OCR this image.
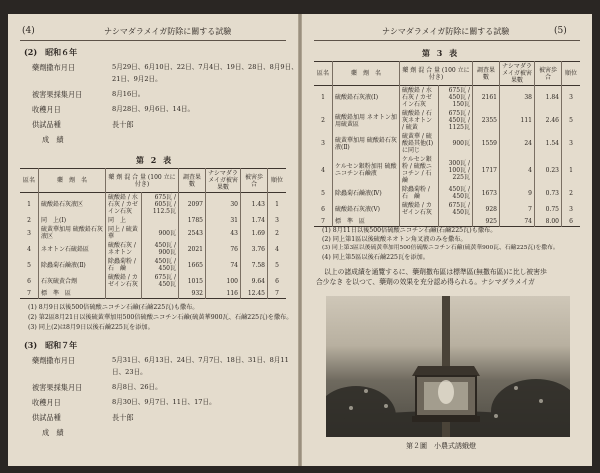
(4)	ナシマダラメイガ防除に關する試驗
(2)　昭和６年
藥劑撒布月日	5月29日、6月10日、22日、7月4日、19日、28日、8月9日、
21日、9月2日。
被害果採集月日	8月16日。
收穫月日	8月28日、9月6日、14日。
供試品種	長十郎
成　績
第 2 表
區名	藥　劑　名	藥 劑 混 合 量 (100 立に付き)		調査果數	ナシマダラメイガ被害果數	被害歩合	順位
1	硫酸鉛石灰液区	硫酸鉛 / 水石灰 / カゼイン石灰	675瓦 / 605瓦 / 112.5瓦	2097	30	1.43	1
2	同　上(Ⅰ)	同　上		1785	31	1.74	3
3	硫黃華加用 硫酸鉛石灰液区	同上 / 硫黃華	900瓦	2543	43	1.69	2
4	ネオトン石硫鉛區	硫酸石灰 / ネオトン	450瓦 / 900瓦	2021	76	3.76	4
5	除蟲菊石鹼液(Ⅱ)	除蟲菊粉 / 石　鹼	450瓦 / 450瓦	1665	74	7.58	5
6	石灰硫黄合劑	硫酸鉛 / カゼイン石灰	675瓦 / 450瓦	1015	100	9.64	6
7	標　準　區			932	116	12.45	7
(1) 8月9日以後500倍硫酸ニコチン石鹼(石鹼225瓦)も撒布。
(2) 第2區8月21日以後硫黃華加用500倍硫酸ニコチン石鹼(硫黃華900瓦、石鹼225瓦)を撒布。
(3) 同上(2)は8月9日以後石鹼225瓦を添加。
(3)　昭和７年
藥劑撒布月日	5月31日、6月13日、24日、7月7日、18日、31日、8月11
日、23日。
被害果採集月日	8月8日、26日。
收穫月日	8月30日、9月7日、11日、17日。
供試品種	長十郎
成　績
ナシマダラメイガ防除に關する試驗	(5)
第 3 表
區名	藥　劑　名	藥 劑 混 合 量 (100 立に付き)		調査果數	ナシマダラメイガ被害果數	被害歩合	順位
1	硫酸鉛石灰液(Ⅰ)	硫酸鉛 / 水石灰 / カゼイン石灰	675瓦 / 450瓦 / 150瓦	2161	38	1.84	3
2	硫酸鉛加用 ネオトン加用硫黃區	硫酸鉛 / 石灰ネオトン / 硫黃	675瓦 / 450瓦 / 1125瓦	2355	111	2.46	5
3	硫黃華加用 硫酸鉛石灰液(Ⅱ)	硫黃華 / 硫酸鉛其他(Ⅰ)に同じ	900瓦	1559	24	1.54	3
4	ケルセン銀粉加用 硫酸ニコチン石鹼液	ケルセン銀粉 / 硫酸ニコチン / 石鹼	300瓦 / 100瓦 / 225瓦	1717	4	0.23	1
5	除蟲菊石鹼液(Ⅳ)	除蟲菊粉 / 石　鹼	450瓦 / 450瓦	1673	9	0.73	2
6	硫酸鉛石灰液(Ⅴ)	硫酸鉛 / カゼイン石灰	675瓦 / 450瓦	928	7	0.75	3
7	標　準　區			925	74	8.00	6
(1) 8月11日以後500倍硫酸ニコチン石鹼(石鹼225瓦)も撒布。
(2) 同上第1區以後硫酸ネオトン角叉液のみを撒布。
(3) 同上第3區以後硫黃華加用500倍硫酸ニコチン石鹼(硫黃華900瓦、石鹼225瓦)を撒布。
(4) 同上第5區以後石鹼225瓦を添加。
以上の諸成績を通覽するに、藥劑撒布區は標準區(無撒布區)に比し被害歩
合少なき を以つて、藥劑の效果を充分認め得られる。ナシマダラメイガ
第２圖　小農式誘蛾燈
